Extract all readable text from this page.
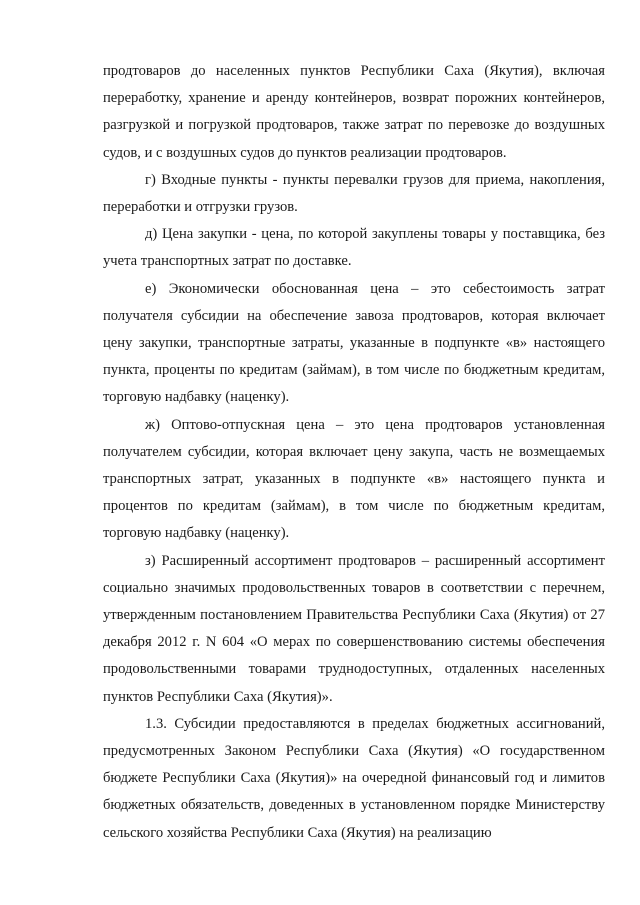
продтоваров до населенных пунктов Республики Саха (Якутия), включая переработку, хранение и аренду контейнеров, возврат порожних контейнеров, разгрузкой и погрузкой продтоваров, также затрат по перевозке до воздушных судов, и с воздушных судов до пунктов реализации продтоваров.

г) Входные пункты - пункты перевалки грузов для приема, накопления, переработки и отгрузки грузов.

д) Цена закупки - цена, по которой закуплены товары у поставщика, без учета транспортных затрат по доставке.

е) Экономически обоснованная цена – это себестоимость затрат получателя субсидии на обеспечение завоза продтоваров, которая включает цену закупки, транспортные затраты, указанные в подпункте «в» настоящего пункта, проценты по кредитам (займам), в том числе по бюджетным кредитам, торговую надбавку (наценку).

ж) Оптово-отпускная цена – это цена продтоваров установленная получателем субсидии, которая включает цену закупа, часть не возмещаемых транспортных затрат, указанных в подпункте «в» настоящего пункта и процентов по кредитам (займам), в том числе по бюджетным кредитам, торговую надбавку (наценку).

з) Расширенный ассортимент продтоваров – расширенный ассортимент социально значимых продовольственных товаров в соответствии с перечнем, утвержденным постановлением Правительства Республики Саха (Якутия) от 27 декабря 2012 г. N 604 «О мерах по совершенствованию системы обеспечения продовольственными товарами труднодоступных, отдаленных населенных пунктов Республики Саха (Якутия)».

1.3. Субсидии предоставляются в пределах бюджетных ассигнований, предусмотренных Законом Республики Саха (Якутия) «О государственном бюджете Республики Саха (Якутия)» на очередной финансовый год и лимитов бюджетных обязательств, доведенных в установленном порядке Министерству сельского хозяйства Республики Саха (Якутия) на реализацию
